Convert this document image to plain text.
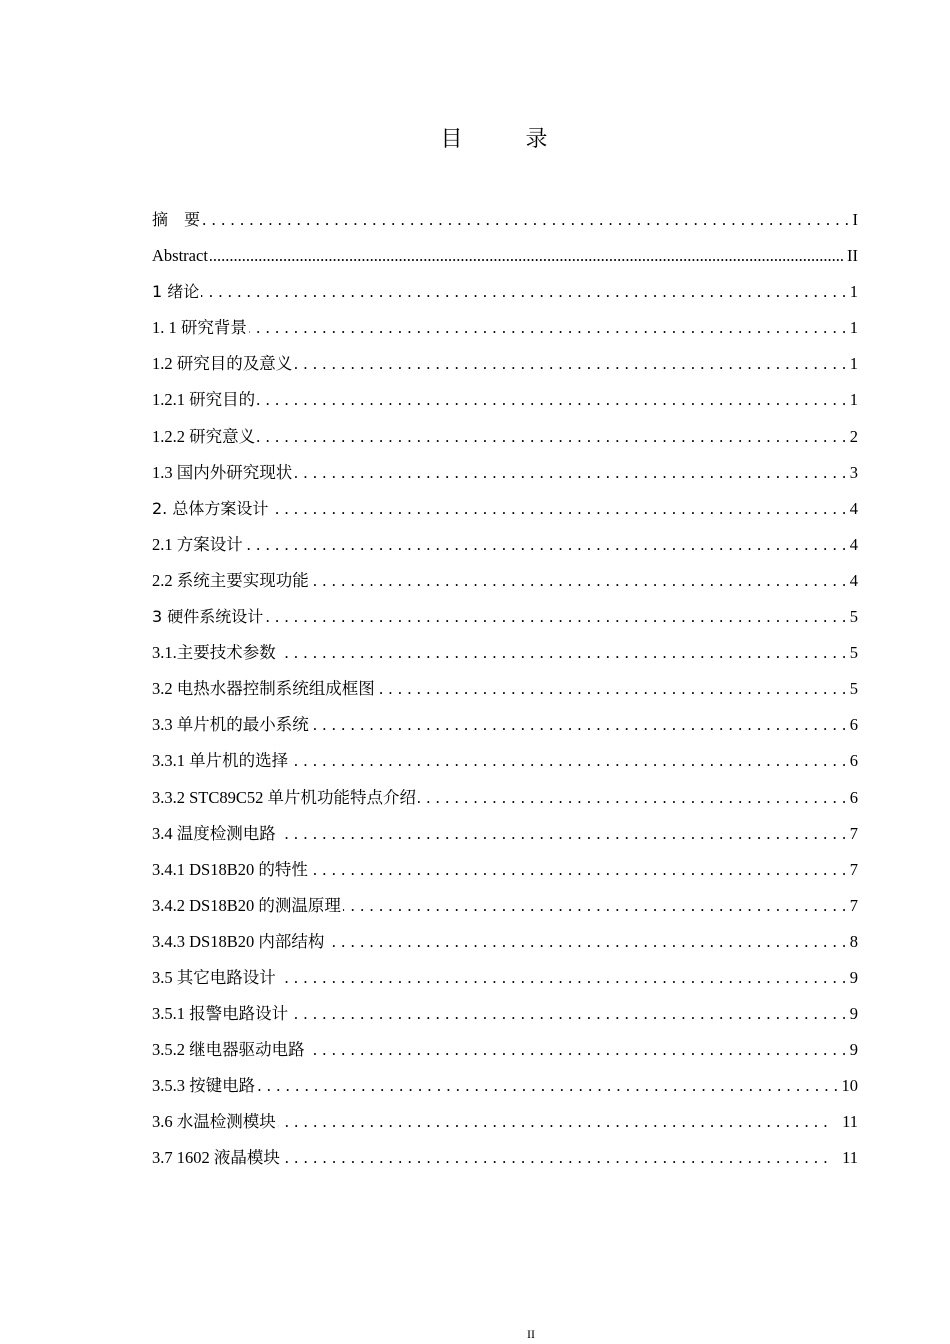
目 录
摘　要 . . .	I
Abstract .....	II
1 绪论 . . .	1
1. 1 研究背景 . . .	1
1.2 研究目的及意义 . . .	1
1.2.1 研究目的 . . .	1
1.2.2 研究意义 . . .	2
1.3 国内外研究现状 . . .	3
2. 总体方案设计 . . .	4
2.1 方案设计 . . .	4
2.2 系统主要实现功能 . . .	4
3 硬件系统设计 . . .	5
3.1.主要技术参数 . . .	5
3.2 电热水器控制系统组成框图 . . .	5
3.3 单片机的最小系统 . . .	6
3.3.1 单片机的选择 . . .	6
3.3.2 STC89C52 单片机功能特点介绍 . . .	6
3.4 温度检测电路 . . .	7
3.4.1 DS18B20 的特性 . . .	7
3.4.2 DS18B20 的测温原理 . . .	7
3.4.3 DS18B20 内部结构 . . .	8
3.5 其它电路设计 . . .	9
3.5.1 报警电路设计 . . .	9
3.5.2 继电器驱动电路 . . .	9
3.5.3 按键电路 . . .	10
3.6 水温检测模块 . . .	11
3.7 1602 液晶模块 . . .	11
II
